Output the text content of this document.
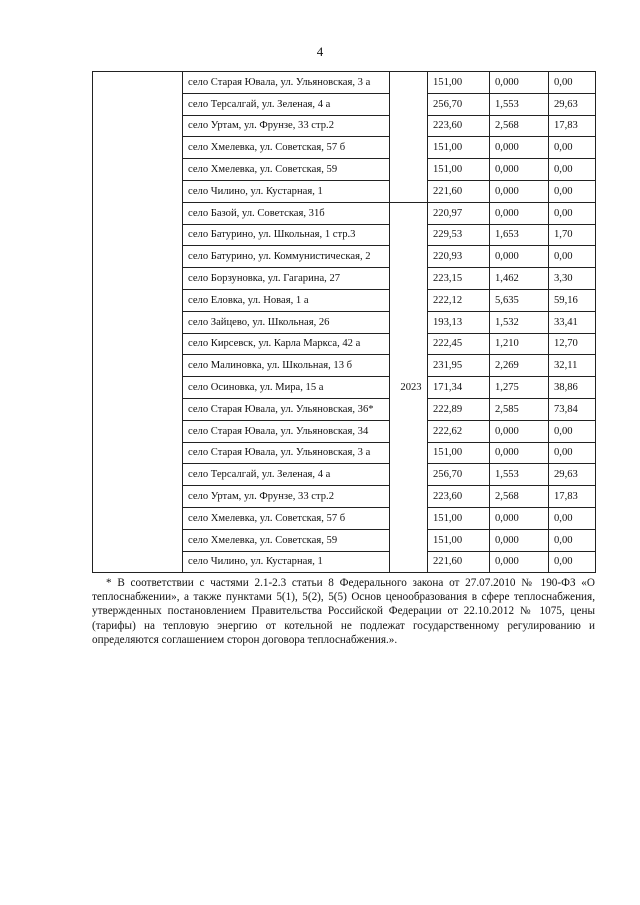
4
	село Старая Ювала, ул. Ульяновская, 3 а		151,00	0,000	0,00
	село Терсалгай, ул. Зеленая, 4 а		256,70	1,553	29,63
	село Уртам, ул. Фрунзе, 33 стр.2		223,60	2,568	17,83
	село Хмелевка, ул. Советская, 57 б		151,00	0,000	0,00
	село Хмелевка, ул. Советская, 59		151,00	0,000	0,00
	село Чилино, ул. Кустарная, 1		221,60	0,000	0,00
	село Базой, ул. Советская, 31б	2023	220,97	0,000	0,00
	село Батурино, ул. Школьная, 1 стр.3		229,53	1,653	1,70
	село Батурино, ул. Коммунистическая, 2		220,93	0,000	0,00
	село Борзуновка, ул. Гагарина, 27		223,15	1,462	3,30
	село Еловка, ул. Новая, 1 а		222,12	5,635	59,16
	село Зайцево, ул. Школьная, 26		193,13	1,532	33,41
	село Кирсевск, ул. Карла Маркса, 42 а		222,45	1,210	12,70
	село Малиновка, ул. Школьная, 13 б		231,95	2,269	32,11
	село Осиновка, ул. Мира, 15 а		171,34	1,275	38,86
	село Старая Ювала, ул. Ульяновская, 36*		222,89	2,585	73,84
	село Старая Ювала, ул. Ульяновская, 34		222,62	0,000	0,00
	село Старая Ювала, ул. Ульяновская, 3 а		151,00	0,000	0,00
	село Терсалгай, ул. Зеленая, 4 а		256,70	1,553	29,63
	село Уртам, ул. Фрунзе, 33 стр.2		223,60	2,568	17,83
	село Хмелевка, ул. Советская, 57 б		151,00	0,000	0,00
	село Хмелевка, ул. Советская, 59		151,00	0,000	0,00
	село Чилино, ул. Кустарная, 1		221,60	0,000	0,00

* В соответствии с частями 2.1-2.3 статьи 8 Федерального закона от 27.07.2010 № 190-ФЗ «О теплоснабжении», а также пунктами 5(1), 5(2), 5(5) Основ ценообразования в сфере теплоснабжения, утвержденных постановлением Правительства Российской Федерации от 22.10.2012 № 1075, цены (тарифы) на тепловую энергию от котельной не подлежат государственному регулированию и определяются соглашением сторон договора теплоснабжения.».
